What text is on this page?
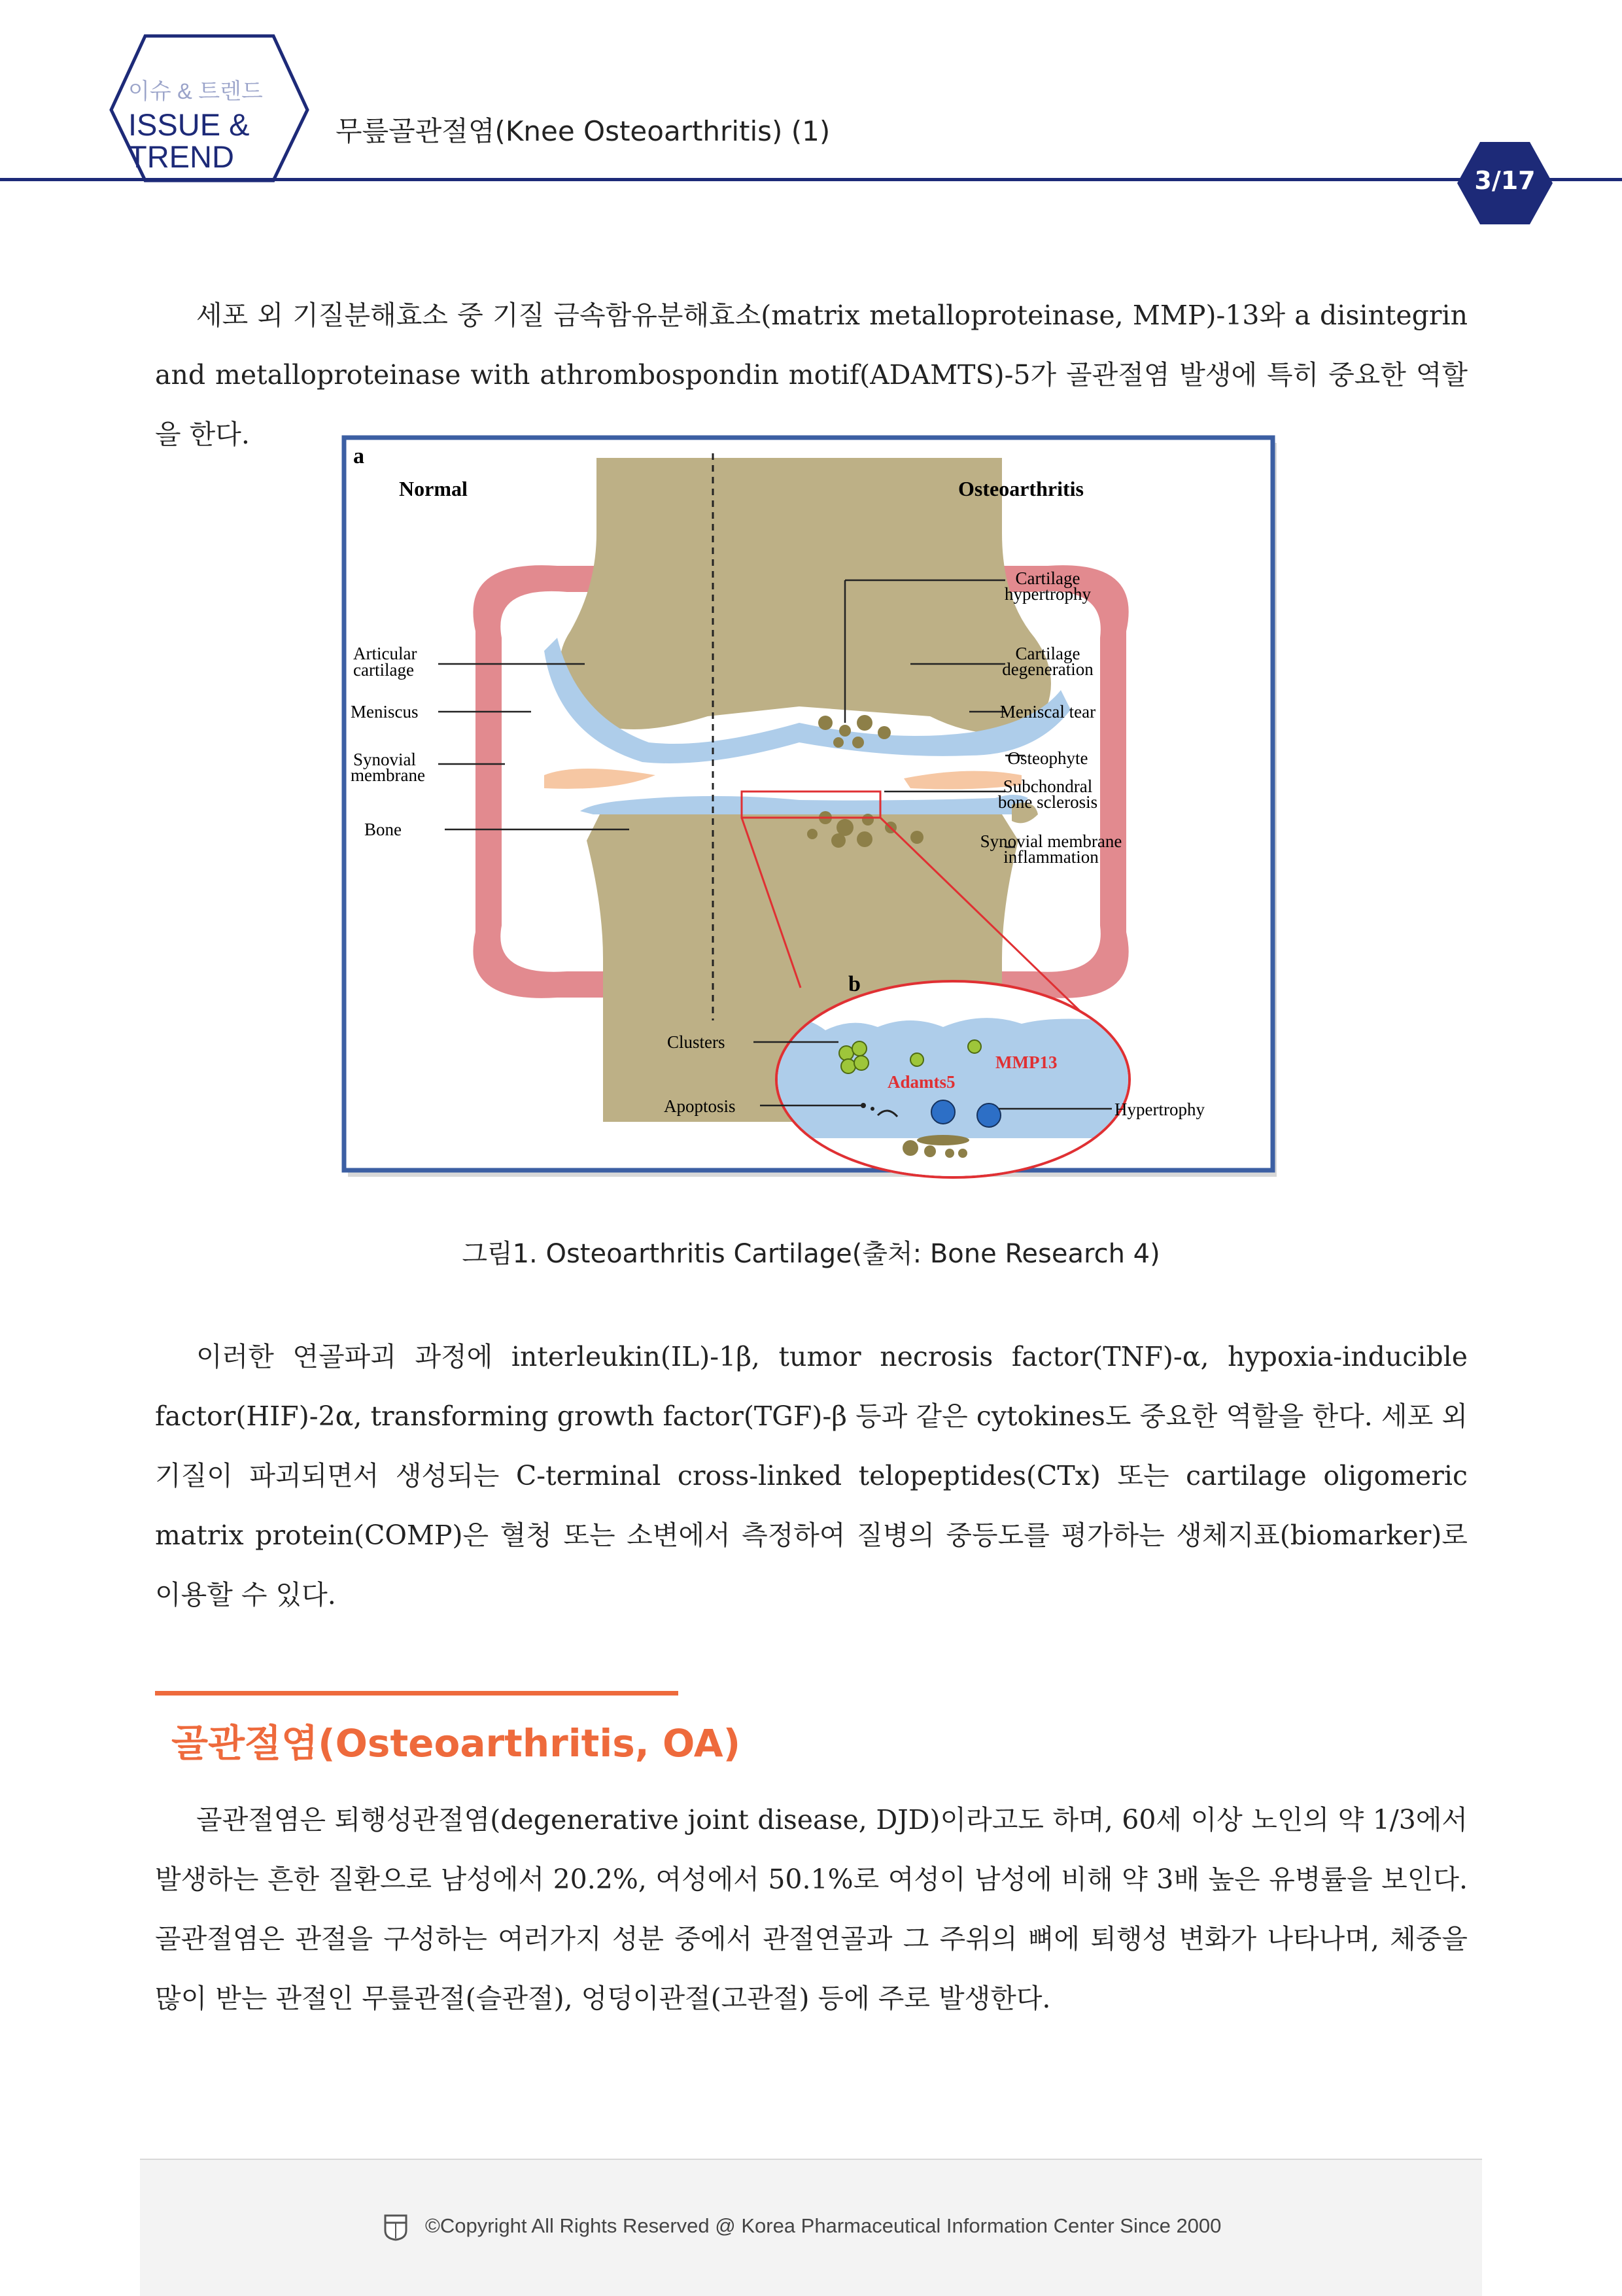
이슈 & 트렌드
ISSUE &
TREND
무릎골관절염(Knee Osteoarthritis) (1)
3/17

세포 외 기질분해효소 중 기질 금속함유분해효소(matrix metalloproteinase, MMP)-13와 a disintegrin and metalloproteinase with athrombospondin motif(ADAMTS)-5가 골관절염 발생에 특히 중요한 역할을 한다.

a
Normal	Osteoarthritis
Articular
cartilage
Meniscus
Synovial
membrane
Bone
Cartilage
hypertrophy
Cartilage
degeneration
Meniscal tear
Osteophyte
Subchondral
bone sclerosis
Synovial membrane
inflammation
b
Clusters
Apoptosis	Hypertrophy
Adamts5
MMP13
그림1. Osteoarthritis Cartilage(출처: Bone Research 4)

이러한 연골파괴 과정에 interleukin(IL)-1β, tumor necrosis factor(TNF)-α, hypoxia-inducible factor(HIF)-2α, transforming growth factor(TGF)-β 등과 같은 cytokines도 중요한 역할을 한다. 세포 외 기질이 파괴되면서 생성되는 C-terminal cross-linked telopeptides(CTx) 또는 cartilage oligomeric matrix protein(COMP)은 혈청 또는 소변에서 측정하여 질병의 중등도를 평가하는 생체지표(biomarker)로 이용할 수 있다.

골관절염(Osteoarthritis, OA)

골관절염은 퇴행성관절염(degenerative joint disease, DJD)이라고도 하며, 60세 이상 노인의 약 1/3에서 발생하는 흔한 질환으로 남성에서 20.2%, 여성에서 50.1%로 여성이 남성에 비해 약 3배 높은 유병률을 보인다. 골관절염은 관절을 구성하는 여러가지 성분 중에서 관절연골과 그 주위의 뼈에 퇴행성 변화가 나타나며, 체중을 많이 받는 관절인 무릎관절(슬관절), 엉덩이관절(고관절) 등에 주로 발생한다.

©Copyright All Rights Reserved @ Korea Pharmaceutical Information Center Since 2000
